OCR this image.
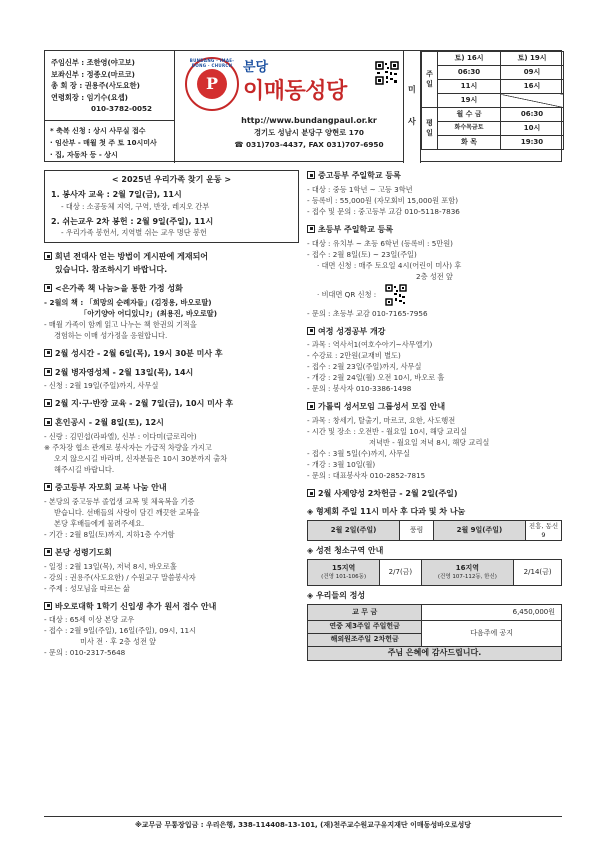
주임신부 : 조한영(야고보)
보좌신부 : 정종오(마르코)
총 회 장 : 권용주(사도요한)
연령회장 : 임기수(요셉)
010-3782-0052
* 축복 신청 : 상시 사무실 접수
· 임산부 - 매월 첫 주 토 10시미사
· 집, 자동차 등 - 상시
BUNDANG · IMAE-DONG · CHURCH
P
분당
이매동성당
http://www.bundangpaul.or.kr
경기도 성남시 분당구 양현로 170
☎ 031)703-4437, FAX 031)707-6950
미
사
주
일	토) 16시	토) 19시
	06:30	09시
	11시	16시
	19시	

평
일	월 수 금	06:30
	화수목금토	10시
	화 목	19:30
< 2025년 우리가족 찾기 운동 >
1. 봉사자 교육 : 2월 7일(금), 11시
- 대상 : 소공동체 지역, 구역, 반장, 레지오 간부
2. 쉬는교우 2차 봉헌 : 2월 9일(주일), 11시
- 우리가족 봉헌서, 지역별 쉬는 교우 명단 봉헌
회년 전대사 얻는 방법이 게시판에 게재되어
있습니다. 참조하시기 바랍니다.
<은가족 책 나눔>을 통한 가정 성화
- 2월의 책 : 「희망의 순례자들」(김정용, 바오로딸)
「아기양아 어디있니?」(최용진, 바오로딸)
- 매월 가족이 함께 읽고 나누는 책 한권의 기적을
경험하는 이매 성가정을 응원합니다.
2월 성시간 - 2월 6일(목), 19시 30분 미사 후
2월 병자영성체 - 2월 13일(목), 14시
- 신청 : 2월 19일(주일)까지, 사무실
2월 지·구·반장 교육 - 2월 7일(금), 10시 미사 후
혼인공시 - 2월 8일(토), 12시
- 신랑 : 김민섭(라파엘), 신부 : 이다미(글로리아)
※ 주차장 협소 관계로 봉사자는 가급적 차량을 가지고
오지 않으시길 바라며, 신자분들은 10시 30분까지 출차
해주시길 바랍니다.
중고등부 자모회 교복 나눔 안내
- 본당의 중고등부 졸업생 교복 및 체육복을 기증
받습니다. 선배들의 사랑이 담긴 깨끗한 교복을
본당 후배들에게 물려주세요.
- 기간 : 2월 8일(토)까지, 지하1층 수거함
본당 성령기도회
- 일정 : 2월 13일(목), 저녁 8시, 바오로홀
- 강의 : 권용주(사도요한) / 수원교구 말씀봉사자
- 주제 : 성모님을 따르는 삶
바오로대학 1학기 신입생 추가 원서 접수 안내
- 대상 : 65세 이상 본당 교우
- 접수 : 2월 9일(주일), 16일(주일), 09시, 11시
미사 전 · 후 2층 성전 앞
- 문의 : 010-2317-5648
중고등부 주일학교 등록
- 대상 : 중등 1학년 ~ 고등 3학년
- 등록비 : 55,000원 (자모회비 15,000원 포함)
- 접수 및 문의 : 중고등부 교감 010-5118-7836
초등부 주일학교 등록
- 대상 : 유치부 ~ 초등 6학년 (등록비 : 5만원)
- 접수 : 2월 8일(토) ~ 23일(주일)
· 대면 신청 : 매주 토요일 4시(어린이 미사) 후
2층 성전 앞
· 비대면 QR 신청 :
- 문의 : 초등부 교감 010-7165-7956
여정 성경공부 개강
- 과목 : 역사서1(여호수아기~사무엘기)
- 수강료 : 2만원(교재비 별도)
- 접수 : 2월 23일(주일)까지, 사무실
- 개강 : 2월 24일(월) 오전 10시, 바오로 홀
- 문의 : 봉사자 010-3386-1498
가톨릭 성서모임 그룹성서 모집 안내
- 과목 : 창세기, 탈출기, 마르코, 요한, 사도행전
- 시간 및 장소 : 오전반 - 월요일 10시, 해당 교리실
저녁반 - 월요일 저녁 8시, 해당 교리실
- 접수 : 3월 5일(수)까지, 사무실
- 개강 : 3월 10일(월)
- 문의 : 대표봉사자 010-2852-7815
2월 사제양성 2차헌금 - 2월 2일(주일)
◈ 형제회 주일 11시 미사 후 다과 및 차 나눔
2월 2일(주일)	풍림	2월 9일(주일)	진흥, 동신9
◈ 성전 청소구역 안내
15지역
(건영 101-106동)
	2/7(금)	16지역
(건영 107-112동, 한신)
	2/14(금)
◈ 우리들의 정성
교 무 금	6,450,000원
연중 제3주일 주일헌금	다음주에 공지
해외원조주일 2차헌금	
주님 은혜에 감사드립니다.	
※교무금 무통장입금 : 우리은행, 338-114408-13-101, (재)천주교수원교구유지재단 이매동성바오로성당
